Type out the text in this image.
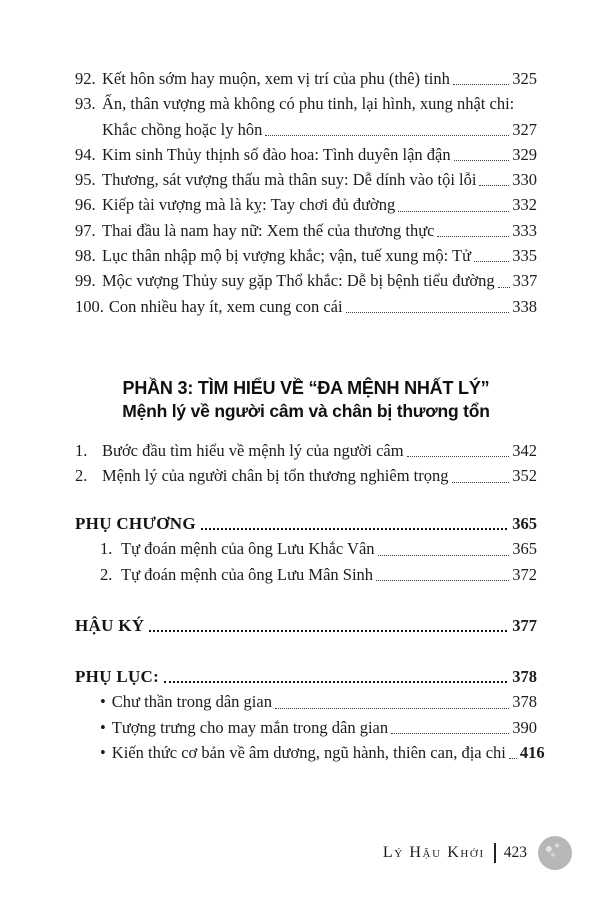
92. Kết hôn sớm hay muộn, xem vị trí của phu (thê) tinh	325
93. Ấn, thân vượng mà không có phu tinh, lại hình, xung nhật chi:
Khắc chồng hoặc ly hôn	327
94. Kim sinh Thủy thịnh số đào hoa: Tình duyên lận đận	329
95. Thương, sát vượng thấu mà thân suy: Dễ dính vào tội lỗi 330
96. Kiếp tài vượng mà là kỵ: Tay chơi đủ đường	332
97. Thai đầu là nam hay nữ: Xem thế của thương thực	333
98. Lục thân nhập mộ bị vượng khắc; vận, tuế xung mộ: Tử 335
99. Mộc vượng Thủy suy gặp Thổ khắc: Dễ bị bệnh tiểu đường 337
100. Con nhiều hay ít, xem cung con cái	338
PHẦN 3: TÌM HIỂU VỀ “ĐA MỆNH NHẤT LÝ”
Mệnh lý về người câm và chân bị thương tổn
1. Bước đầu tìm hiểu về mệnh lý của người câm	342
2. Mệnh lý của người chân bị tổn thương nghiêm trọng	352
PHỤ CHƯƠNG	365
1. Tự đoán mệnh của ông Lưu Khắc Vân	365
2. Tự đoán mệnh của ông Lưu Mân Sinh	372
HẬU KÝ	377
PHỤ LỤC:	378
• Chư thần trong dân gian	378
• Tượng trưng cho may mắn trong dân gian	390
• Kiến thức cơ bản về âm dương, ngũ hành, thiên can, địa chi 416
Lý Hậu Khởi 423
